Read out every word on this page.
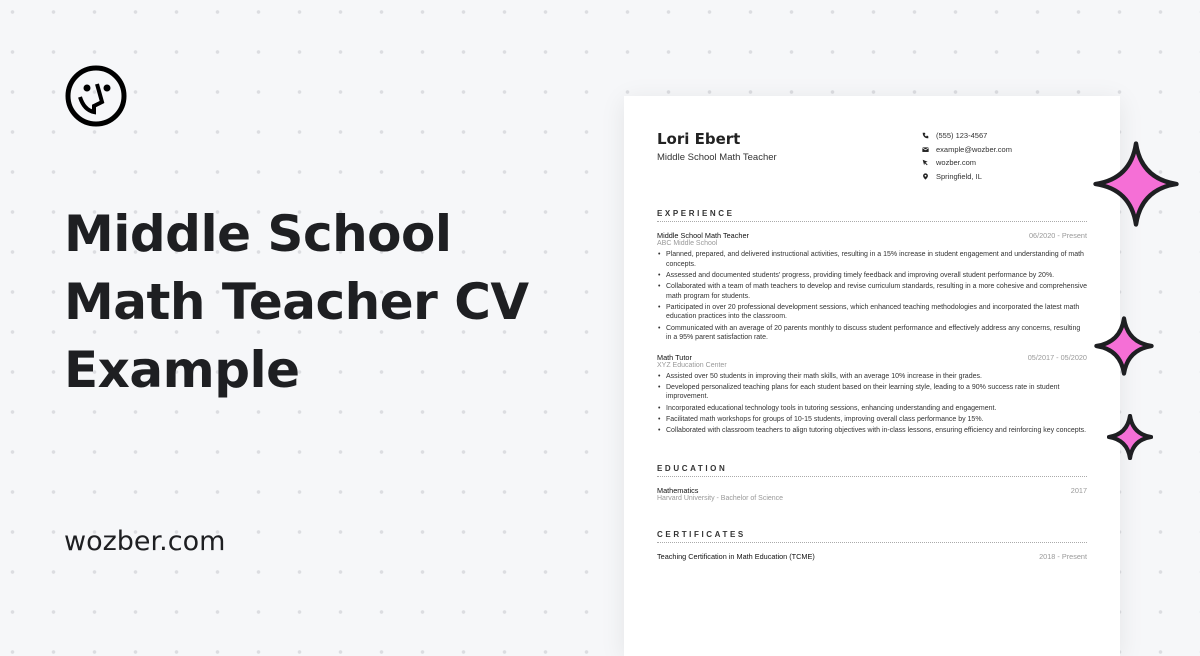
Middle School
Math Teacher CV
Example
wozber.com
Lori Ebert
Middle School Math Teacher
(555) 123-4567
example@wozber.com
wozber.com
Springfield, IL
EXPERIENCE
Middle School Math Teacher	06/2020 - Present
ABC Middle School
• Planned, prepared, and delivered instructional activities, resulting in a 15% increase in student engagement and understanding of math concepts.
• Assessed and documented students' progress, providing timely feedback and improving overall student performance by 20%.
• Collaborated with a team of math teachers to develop and revise curriculum standards, resulting in a more cohesive and comprehensive math program for students.
• Participated in over 20 professional development sessions, which enhanced teaching methodologies and incorporated the latest math education practices into the classroom.
• Communicated with an average of 20 parents monthly to discuss student performance and effectively address any concerns, resulting in a 95% parent satisfaction rate.
Math Tutor	05/2017 - 05/2020
XYZ Education Center
• Assisted over 50 students in improving their math skills, with an average 10% increase in their grades.
• Developed personalized teaching plans for each student based on their learning style, leading to a 90% success rate in student improvement.
• Incorporated educational technology tools in tutoring sessions, enhancing understanding and engagement.
• Facilitated math workshops for groups of 10-15 students, improving overall class performance by 15%.
• Collaborated with classroom teachers to align tutoring objectives with in-class lessons, ensuring efficiency and reinforcing key concepts.
EDUCATION
Mathematics	2017
Harvard University - Bachelor of Science
CERTIFICATES
Teaching Certification in Math Education (TCME)	2018 - Present
